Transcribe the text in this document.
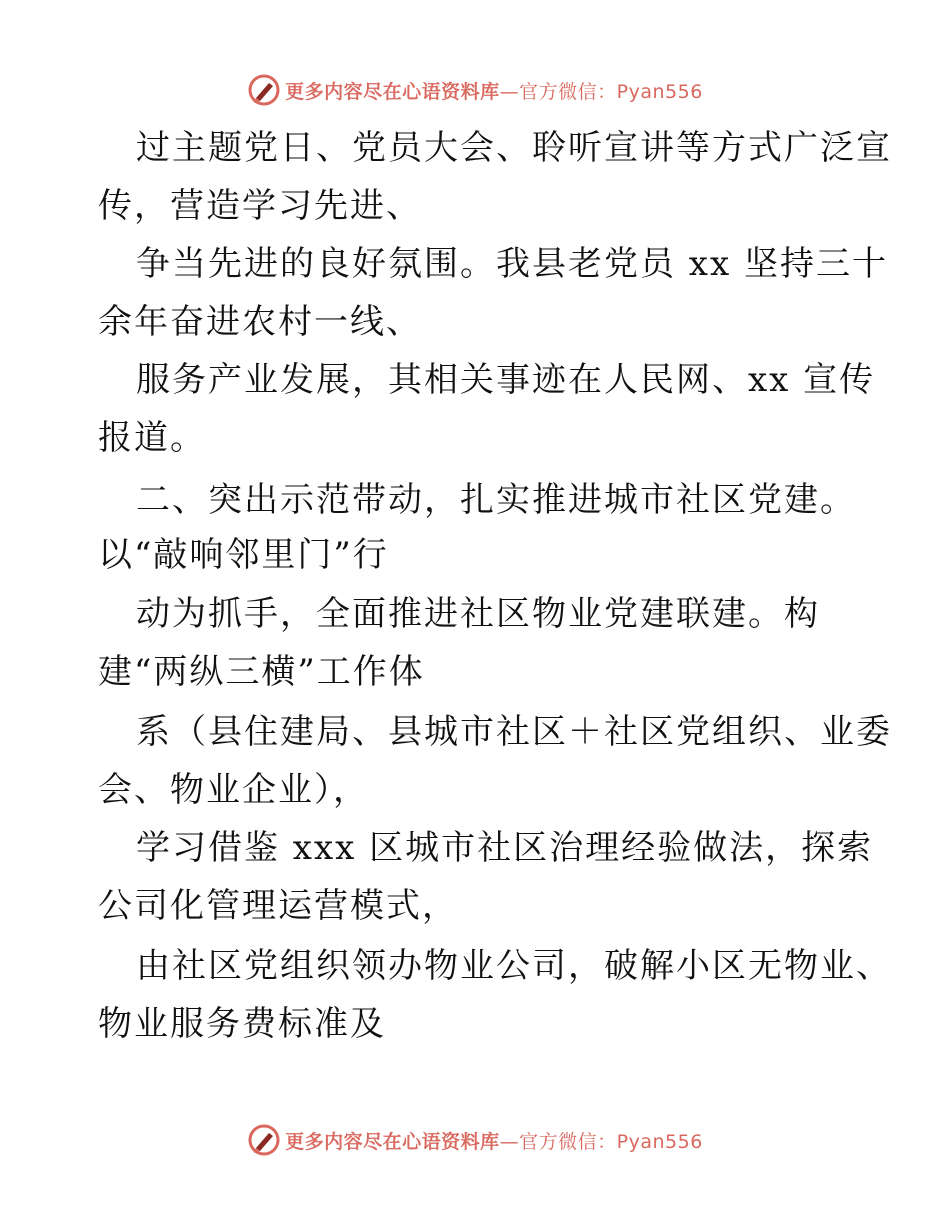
更多内容尽在心语资料库—官方微信：Pyan556
过主题党日、党员大会、聆听宣讲等方式广泛宣
传，营造学习先进、
争当先进的良好氛围。我县老党员 xx 坚持三十
余年奋进农村一线、
服务产业发展，其相关事迹在人民网、xx 宣传
报道。
二、突出示范带动，扎实推进城市社区党建。
以“敲响邻里门”行
动为抓手，全面推进社区物业党建联建。构
建“两纵三横”工作体
系（县住建局、县城市社区＋社区党组织、业委
会、物业企业），
学习借鉴 xxx 区城市社区治理经验做法，探索
公司化管理运营模式，
由社区党组织领办物业公司，破解小区无物业、
物业服务费标准及
更多内容尽在心语资料库—官方微信：Pyan556
